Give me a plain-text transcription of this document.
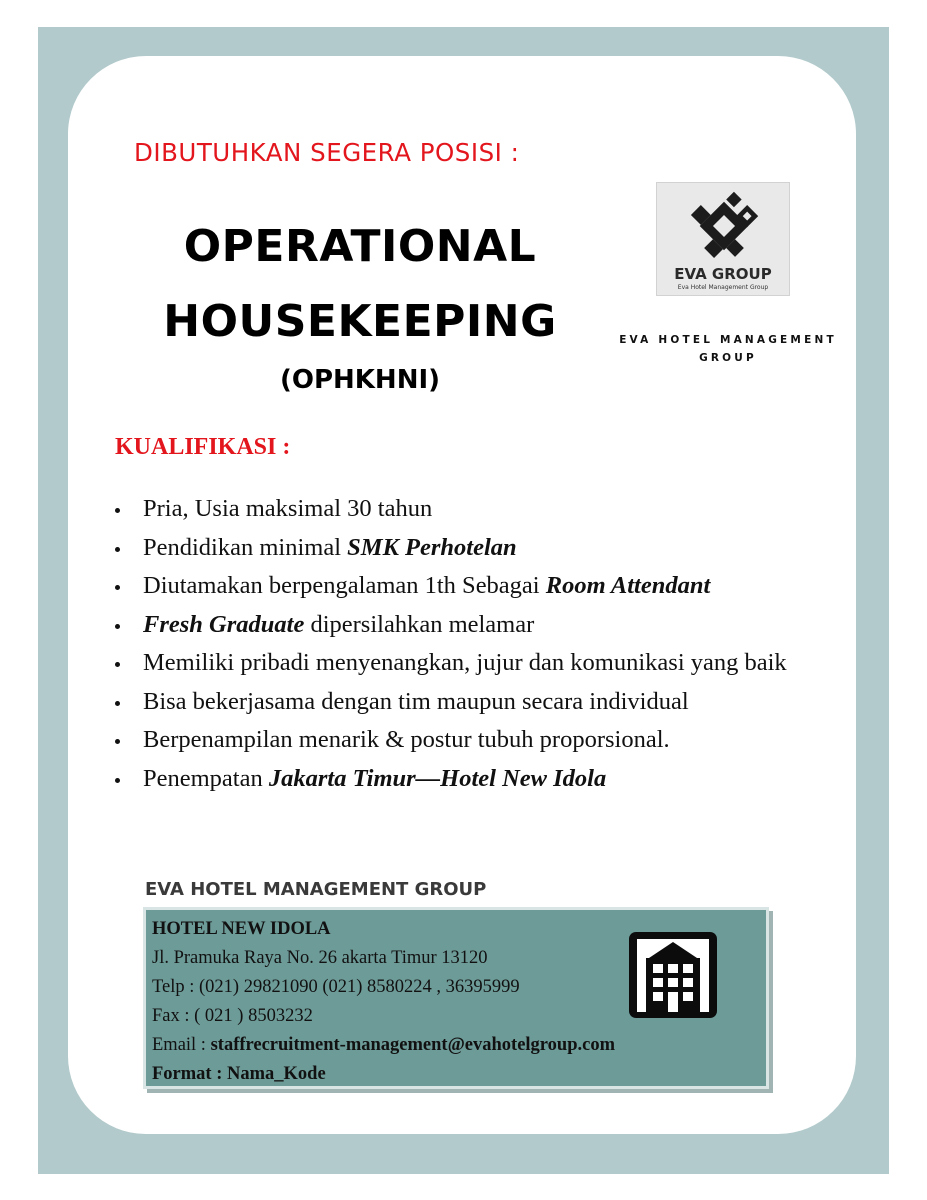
DIBUTUHKAN SEGERA POSISI :
OPERATIONAL
HOUSEKEEPING
(OPHKHNI)
EVA GROUP
Eva Hotel Management Group
EVA HOTEL MANAGEMENT GROUP
KUALIFIKASI :
Pria, Usia maksimal 30 tahun
Pendidikan minimal SMK Perhotelan
Diutamakan berpengalaman 1th Sebagai Room Attendant
Fresh Graduate dipersilahkan melamar
Memiliki pribadi menyenangkan, jujur dan komunikasi yang baik
Bisa bekerjasama dengan tim maupun secara individual
Berpenampilan menarik & postur tubuh proporsional.
Penempatan Jakarta Timur—Hotel New Idola
EVA HOTEL MANAGEMENT GROUP
HOTEL NEW IDOLA
Jl. Pramuka Raya No. 26 akarta Timur 13120
Telp : (021) 29821090 (021) 8580224 , 36395999
Fax : ( 021 ) 8503232
Email : staffrecruitment-management@evahotelgroup.com
Format : Nama_Kode
